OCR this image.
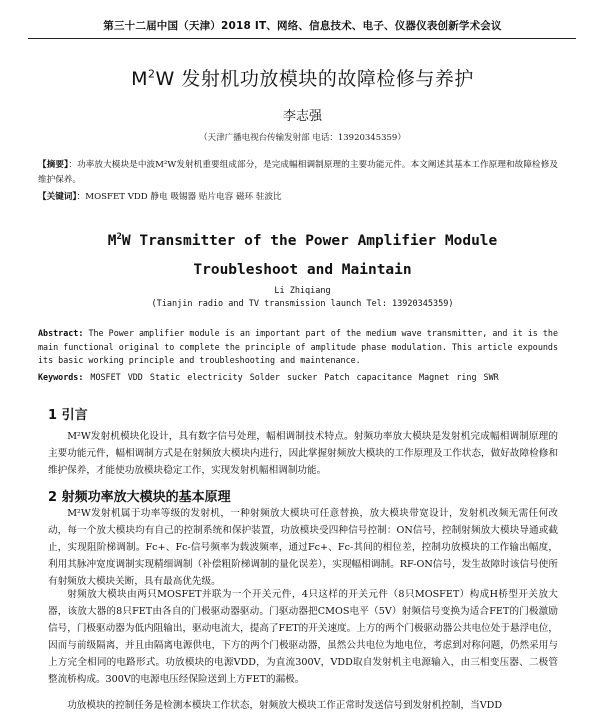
第三十二届中国（天津）2018 IT、网络、信息技术、电子、仪器仪表创新学术会议
$M^2W$ 发射机功放模块的故障检修与养护
李志强
（天津广播电视台传输发射部 电话：13920345359）
【摘要】：功率放大模块是中波M²W发射机重要组成部分，是完成幅相调制原理的主要功能元件。本文阐述其基本工作原理和故障检修及维护保养。
【关键词】：MOSFET VDD 静电 吸锡器 贴片电容 磁环 驻波比
$M^2W$ Transmitter of the Power Amplifier Module
Troubleshoot and Maintain
Li Zhiqiang
(Tianjin radio and TV transmission launch Tel: 13920345359)
Abstract: The Power amplifier module is an important part of the medium wave transmitter, and it is the main functional original to complete the principle of amplitude phase modulation. This article expounds its basic working principle and troubleshooting and maintenance.
Keywords: MOSFET VDD Static electricity Solder sucker Patch capacitance Magnet ring SWR
1 引言

M²W发射机模块化设计，具有数字信号处理，幅相调制技术特点。射频功率放大模块是发射机完成幅相调制原理的主要功能元件，幅相调制方式是在射频放大模块内进行，因此掌握射频放大模块的工作原理及工作状态，做好故障检修和维护保养，才能使功放模块稳定工作，实现发射机幅相调制功能。

2 射频功率放大模块的基本原理

M²W发射机属于功率等级的发射机，一种射频放大模块可任意替换，放大模块带宽设计，发射机改频无需任何改动，每一个放大模块均有自己的控制系统和保护装置，功放模块受四种信号控制：ON信号，控制射频放大模块导通或截止，实现阻阶梯调制。Fc+、Fc-信号频率为载波频率，通过Fc+、Fc-其间的相位差，控制功放模块的工作输出幅度，利用其脉冲宽度调制实现精细调制（补偿粗阶梯调制的量化误差），实现幅相调制。RF-ON信号，发生故障时该信号使所有射频放大模块关断，具有最高优先级。

射频放大模块由两只MOSFET并联为一个开关元件，4只这样的开关元件（8只MOSFET）构成H桥型开关放大器，该放大器的8只FET由各自的门极驱动器驱动。门驱动器把CMOS电平（5V）射频信号变换为适合FET的门极激励信号，门极驱动器为低内阻输出，驱动电流大，提高了FET的开关速度。上方的两个门极驱动器公共电位处于悬浮电位，因而与前级隔离，并且由隔离电源供电，下方的两个门极驱动器，虽然公共电位为地电位，考虑到对称问题，仍然采用与上方完全相同的电路形式。功放模块的电源VDD，为直流300V，VDD取自发射机主电源输入，由三相变压器、二极管整流桥构成。300V的电源电压经保险送到上方FET的漏极。

功放模块的控制任务是检测本模块工作状态，射频放大模块工作正常时发送信号到发射机控制，当VDD
